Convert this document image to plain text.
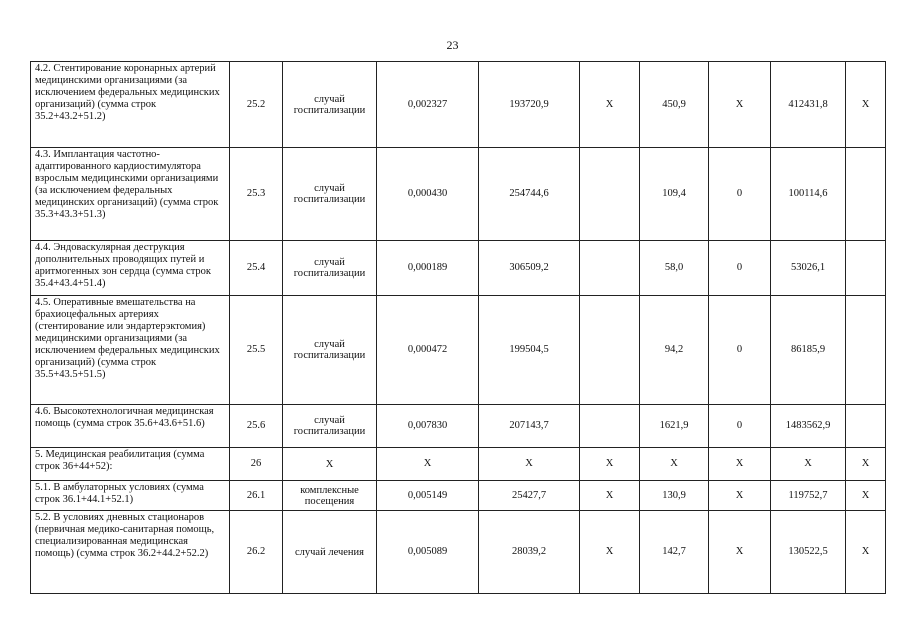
23
4.2. Стентирование коронарных артерий медицинскими организациями (за исключением федеральных медицинских организаций) (сумма строк 35.2+43.2+51.2)	25.2	случай госпитализации	0,002327	193720,9	X	450,9	X	412431,8	X
4.3. Имплантация частотно-адаптированного кардиостимулятора взрослым медицинскими организациями (за исключением федеральных медицинских организаций) (сумма строк 35.3+43.3+51.3)	25.3	случай госпитализации	0,000430	254744,6		109,4	0	100114,6	
4.4. Эндоваскулярная деструкция дополнительных проводящих путей и аритмогенных зон сердца (сумма строк 35.4+43.4+51.4)	25.4	случай госпитализации	0,000189	306509,2		58,0	0	53026,1	
4.5. Оперативные вмешательства на брахиоцефальных артериях (стентирование или эндартерэктомия) медицинскими организациями (за исключением федеральных медицинских организаций) (сумма строк 35.5+43.5+51.5)	25.5	случай госпитализации	0,000472	199504,5		94,2	0	86185,9	
4.6. Высокотехнологичная медицинская помощь (сумма строк 35.6+43.6+51.6)	25.6	случай госпитализации	0,007830	207143,7		1621,9	0	1483562,9	
5. Медицинская реабилитация (сумма строк 36+44+52):	26	X	X	X	X	X	X	X	X
5.1. В амбулаторных условиях (сумма строк 36.1+44.1+52.1)	26.1	комплексные посещения	0,005149	25427,7	X	130,9	X	119752,7	X
5.2. В условиях дневных стационаров (первичная медико-санитарная помощь, специализированная медицинская помощь) (сумма строк 36.2+44.2+52.2)	26.2	случай лечения	0,005089	28039,2	X	142,7	X	130522,5	X
